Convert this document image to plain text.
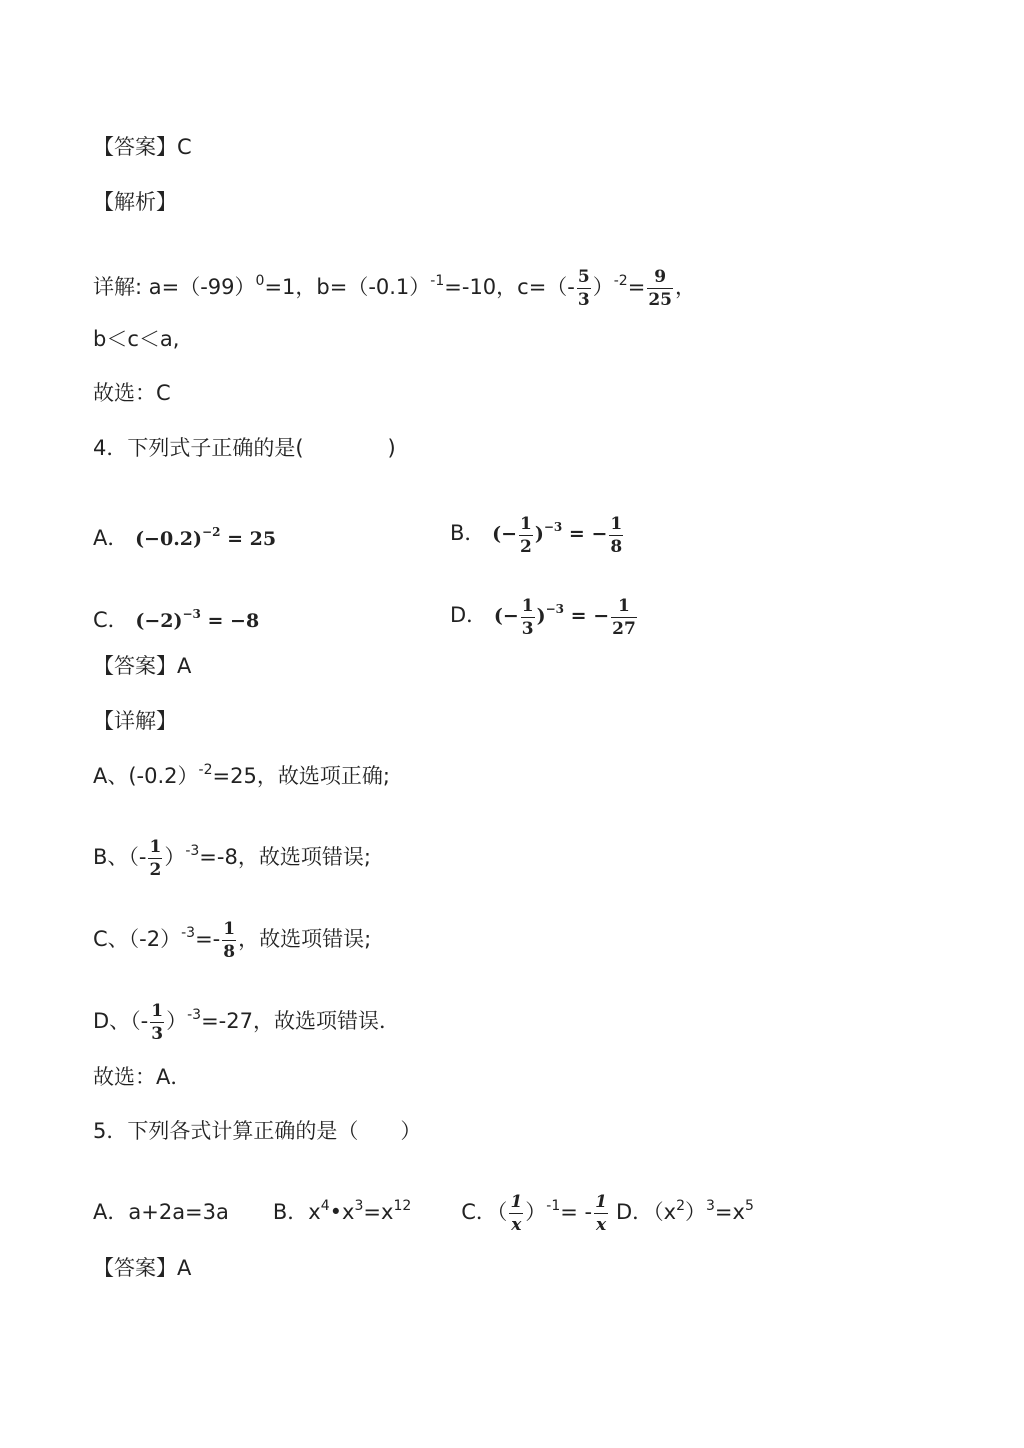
【答案】C
【解析】
详解: $a=(-99)^0=1$，$b=(-0.1)^{-1}=-10$，$c=(- \frac{5}{3} )^{-2}= \frac{9}{25}$ ，
b＜c＜a,
故选：C
4．下列式子正确的是(　　　　)
A． $(-0.2)^{-2} = 25$	B． (− $\frac{1}{2} )^{-3}$ = − $\frac{1}{8}$
C． $(-2)^{-3} = -8$	D． (− $\frac{1}{3} )^{-3}$ = − $\frac{1}{27}$
【答案】A
【详解】
A、(-0.2）$^{-2}$=25，故选项正确;
B、（- $\frac{1}{2} )^{-3}=-8$，故选项错误;
C、$(-2)^{-3}=- \frac{1}{8}$ ，故选项错误;
D、（- $\frac{1}{3} )^{-3}=-27$，故选项错误．
故选：A．
5．下列各式计算正确的是（　　）
A．a+2a=3a B．$x^4•x^3=x^{12}$ C．（ $\frac{1}{x} )^{-1}= - \frac{1}{x}$ D．$(x^2)^3=x^5$
【答案】A
